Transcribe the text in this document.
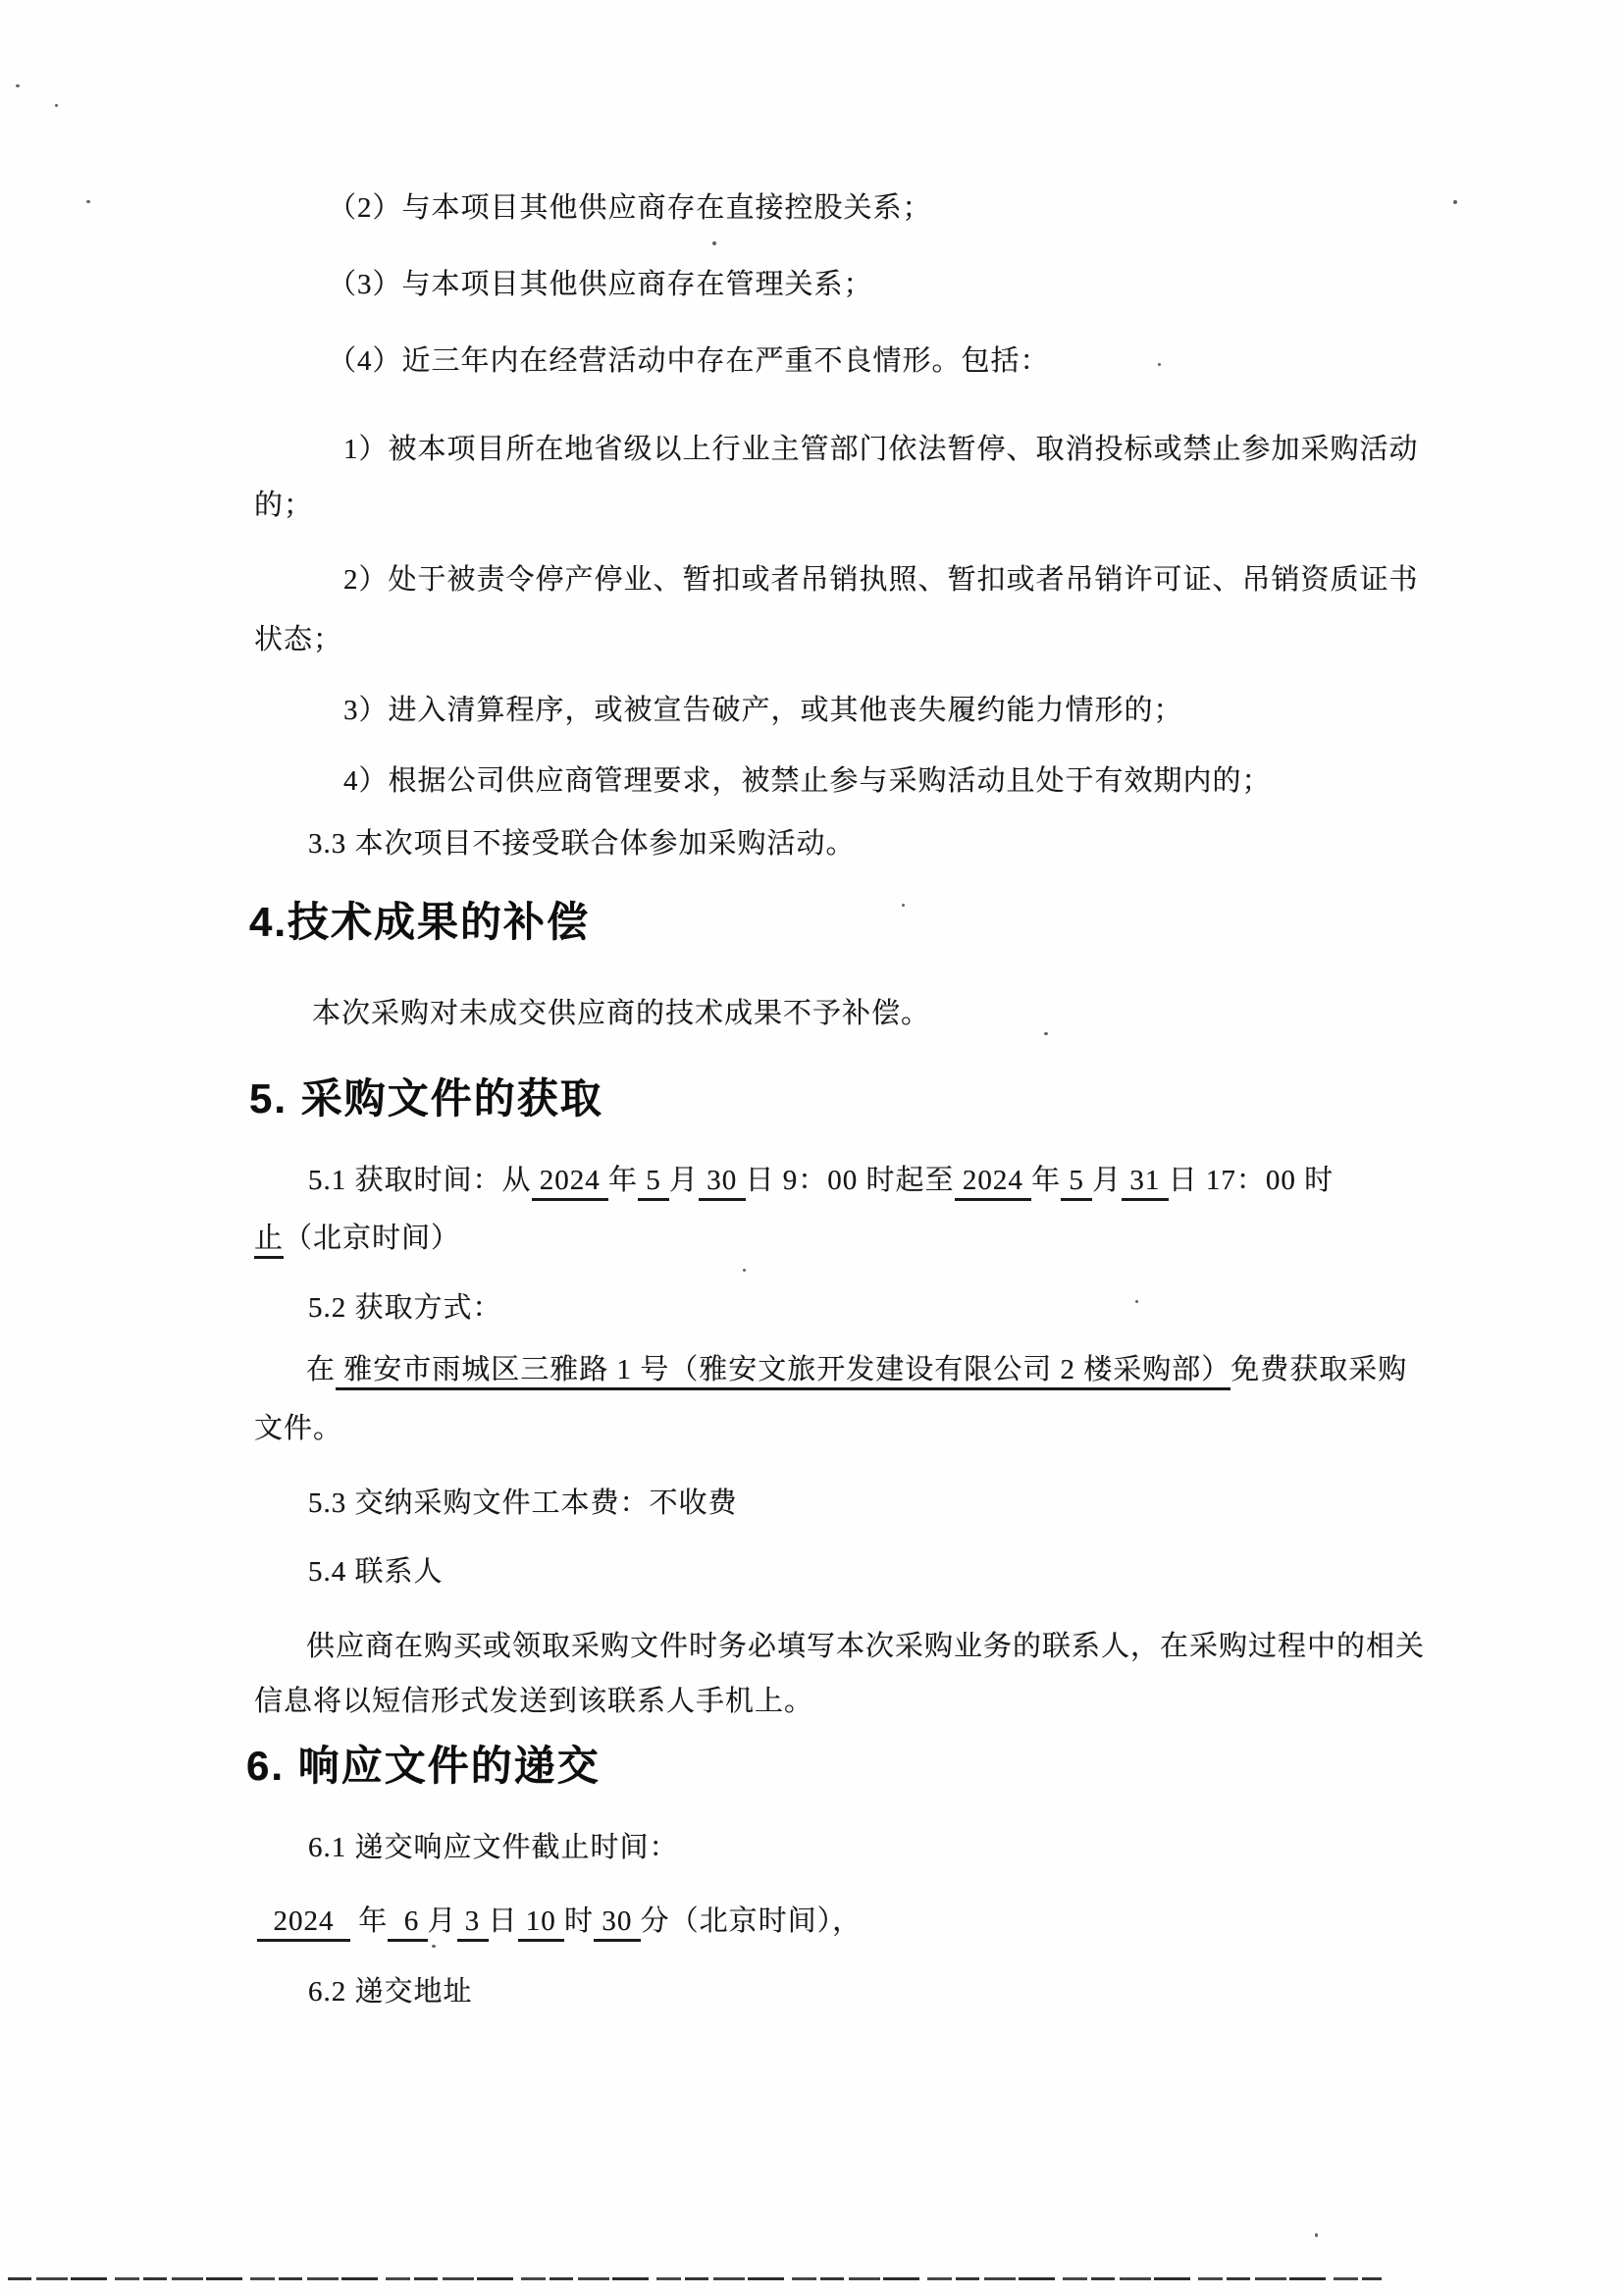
（2）与本项目其他供应商存在直接控股关系；
（3）与本项目其他供应商存在管理关系；
（4）近三年内在经营活动中存在严重不良情形。包括：
1）被本项目所在地省级以上行业主管部门依法暂停、取消投标或禁止参加采购活动
的；
2）处于被责令停产停业、暂扣或者吊销执照、暂扣或者吊销许可证、吊销资质证书
状态；
3）进入清算程序，或被宣告破产，或其他丧失履约能力情形的；
4）根据公司供应商管理要求，被禁止参与采购活动且处于有效期内的；
3.3 本次项目不接受联合体参加采购活动。
4.技术成果的补偿
本次采购对未成交供应商的技术成果不予补偿。
5. 采购文件的获取
5.1 获取时间：从 2024 年 5 月 30 日 9：00 时起至 2024 年 5 月 31 日 17：00 时
止（北京时间）
5.2 获取方式：
在 雅安市雨城区三雅路 1 号（雅安文旅开发建设有限公司 2 楼采购部）免费获取采购
文件。
5.3 交纳采购文件工本费：不收费
5.4 联系人
供应商在购买或领取采购文件时务必填写本次采购业务的联系人，在采购过程中的相关
信息将以短信形式发送到该联系人手机上。
6. 响应文件的递交
6.1 递交响应文件截止时间：
2024   年  6 月 3 日 10 时 30 分（北京时间），
6.2 递交地址
